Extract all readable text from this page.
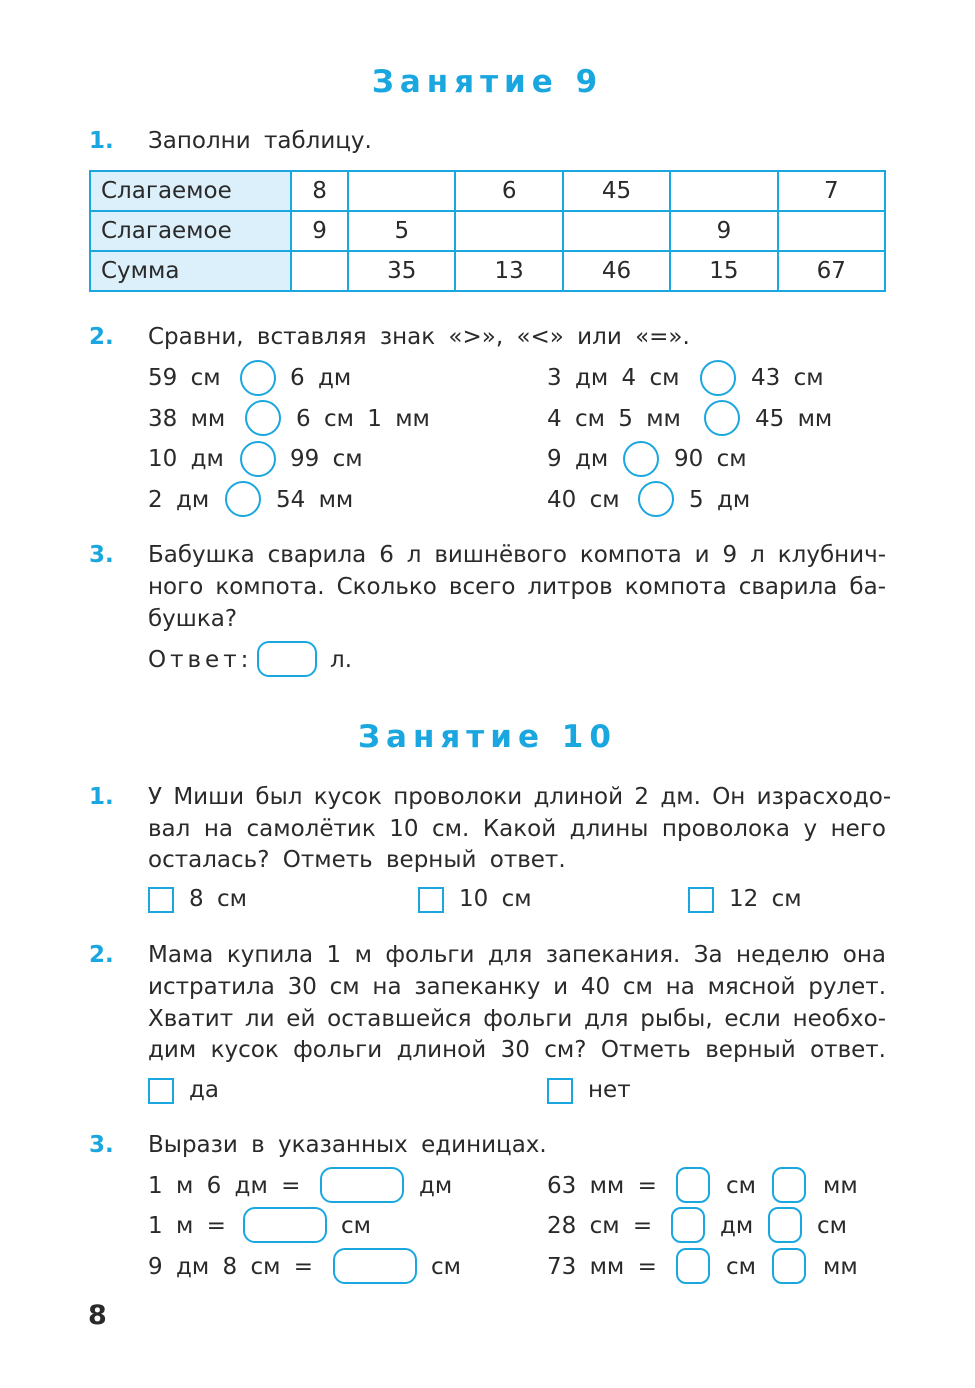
Занятие 9
1. Заполни таблицу.
Слагаемое	8		6	45		7
Слагаемое	9	5			9	
Сумма		35	13	46	15	67
2. Сравни, вставляя знак «>», «<» или «=».
59 см	6 дм
38 мм	6 см 1 мм
10 дм	99 см
2 дм	54 мм
3 дм 4 см	43 см
4 см 5 мм	45 мм
9 дм	90 см
40 см	5 дм
3. Бабушка сварила 6 л вишнёвого компота и 9 л клубнич-
ного компота. Сколько всего литров компота сварила ба-
бушка?
Ответ:	л.
Занятие 10
1. У Миши был кусок проволоки длиной 2 дм. Он израсходо-
вал на самолётик 10 см. Какой длины проволока у него
осталась? Отметь верный ответ.
8 см	10 см	12 см
2. Мама купила 1 м фольги для запекания. За неделю она
истратила 30 см на запеканку и 40 см на мясной рулет.
Хватит ли ей оставшейся фольги для рыбы, если необхо-
дим кусок фольги длиной 30 см? Отметь верный ответ.
да	нет
3. Вырази в указанных единицах.
1 м 6 дм =	дм
1 м =	см
9 дм 8 см =	см
63 мм =	см	мм
28 см =	дм	см
73 мм =	см	мм
8
